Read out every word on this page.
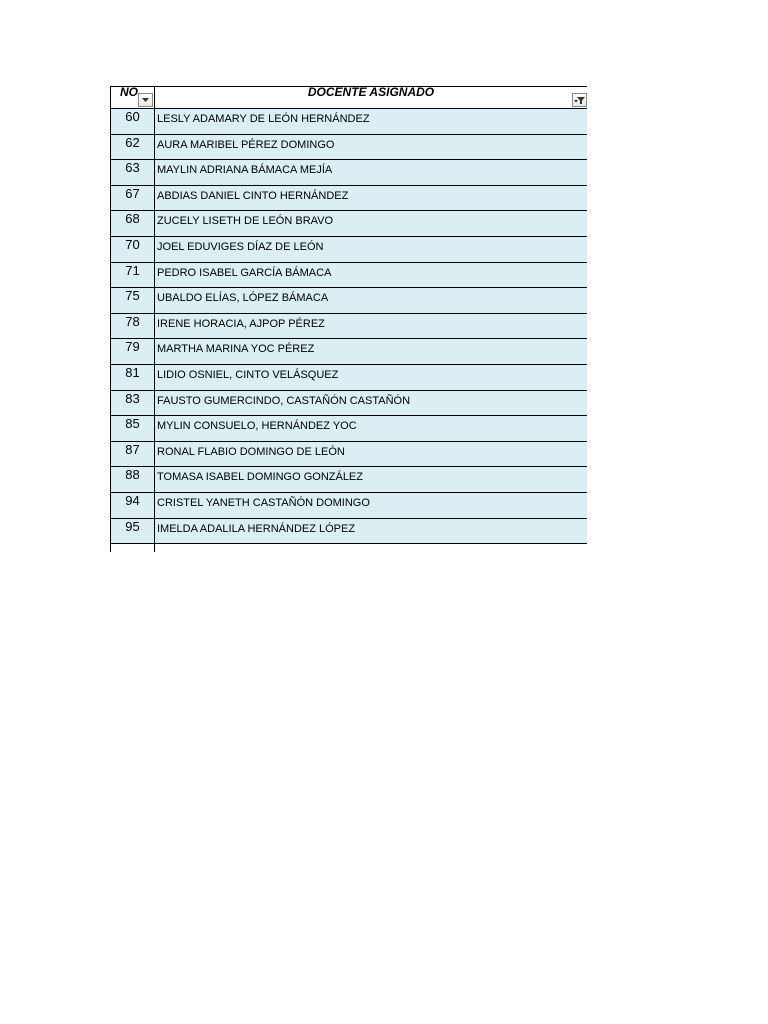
NO	DOCENTE ASIGNADO
60	LESLY ADAMARY DE LEÓN HERNÁNDEZ
62	AURA MARIBEL PÉREZ DOMINGO
63	MAYLIN ADRIANA BÁMACA MEJÍA
67	ABDIAS DANIEL CINTO HERNÁNDEZ
68	ZUCELY LISETH DE LEÓN BRAVO
70	JOEL EDUVIGES DÍAZ DE LEÓN
71	PEDRO ISABEL GARCÍA BÁMACA
75	UBALDO ELÍAS, LÓPEZ BÁMACA
78	IRENE HORACIA, AJPOP PÉREZ
79	MARTHA MARINA YOC PÉREZ
81	LIDIO OSNIEL, CINTO VELÁSQUEZ
83	FAUSTO GUMERCINDO, CASTAÑÓN CASTAÑÓN
85	MYLIN CONSUELO, HERNÁNDEZ YOC
87	RONAL FLABIO DOMINGO DE LEÓN
88	TOMASA ISABEL DOMINGO GONZÁLEZ
94	CRISTEL YANETH CASTAÑÓN DOMINGO
95	IMELDA ADALILA HERNÁNDEZ LÓPEZ
